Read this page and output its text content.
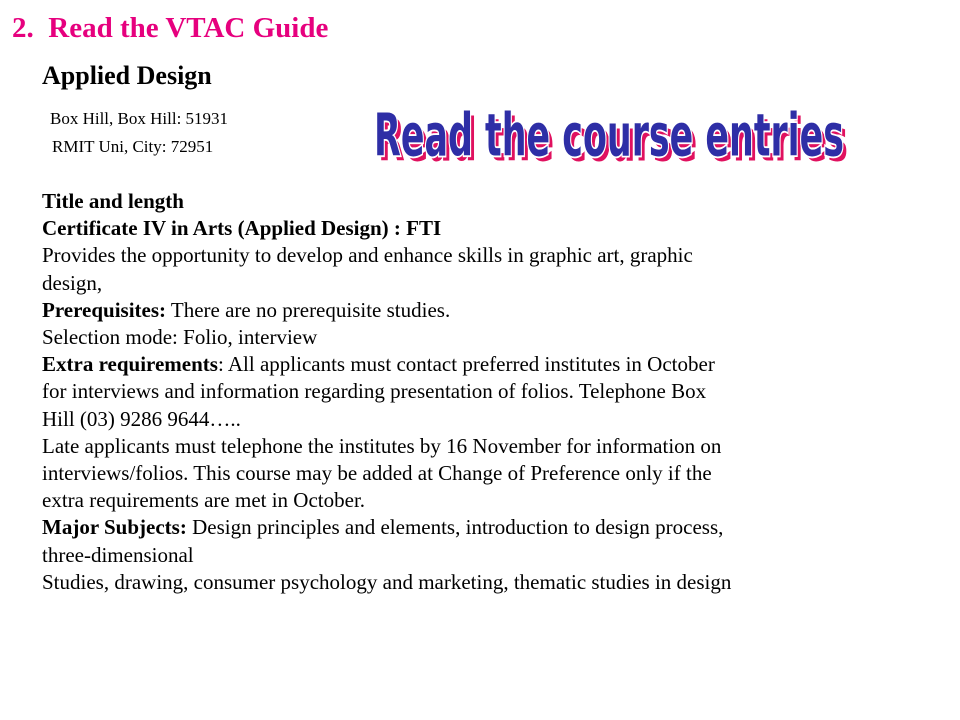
2.  Read the VTAC Guide
Applied Design
Box Hill, Box Hill: 51931
RMIT Uni, City: 72951	Read the course entries
Read the course entries
Title and length
Certificate IV in Arts (Applied Design) : FTI
Provides the opportunity to develop and enhance skills in graphic art, graphic
design,
Prerequisites: There are no prerequisite studies.
Selection mode: Folio, interview
Extra requirements: All applicants must contact preferred institutes in October
for interviews and information regarding presentation of folios. Telephone Box
Hill (03) 9286 9644…..
Late applicants must telephone the institutes by 16 November for information on
interviews/folios. This course may be added at Change of Preference only if the
extra requirements are met in October.
Major Subjects: Design principles and elements, introduction to design process,
three-dimensional
Studies, drawing, consumer psychology and marketing, thematic studies in design
